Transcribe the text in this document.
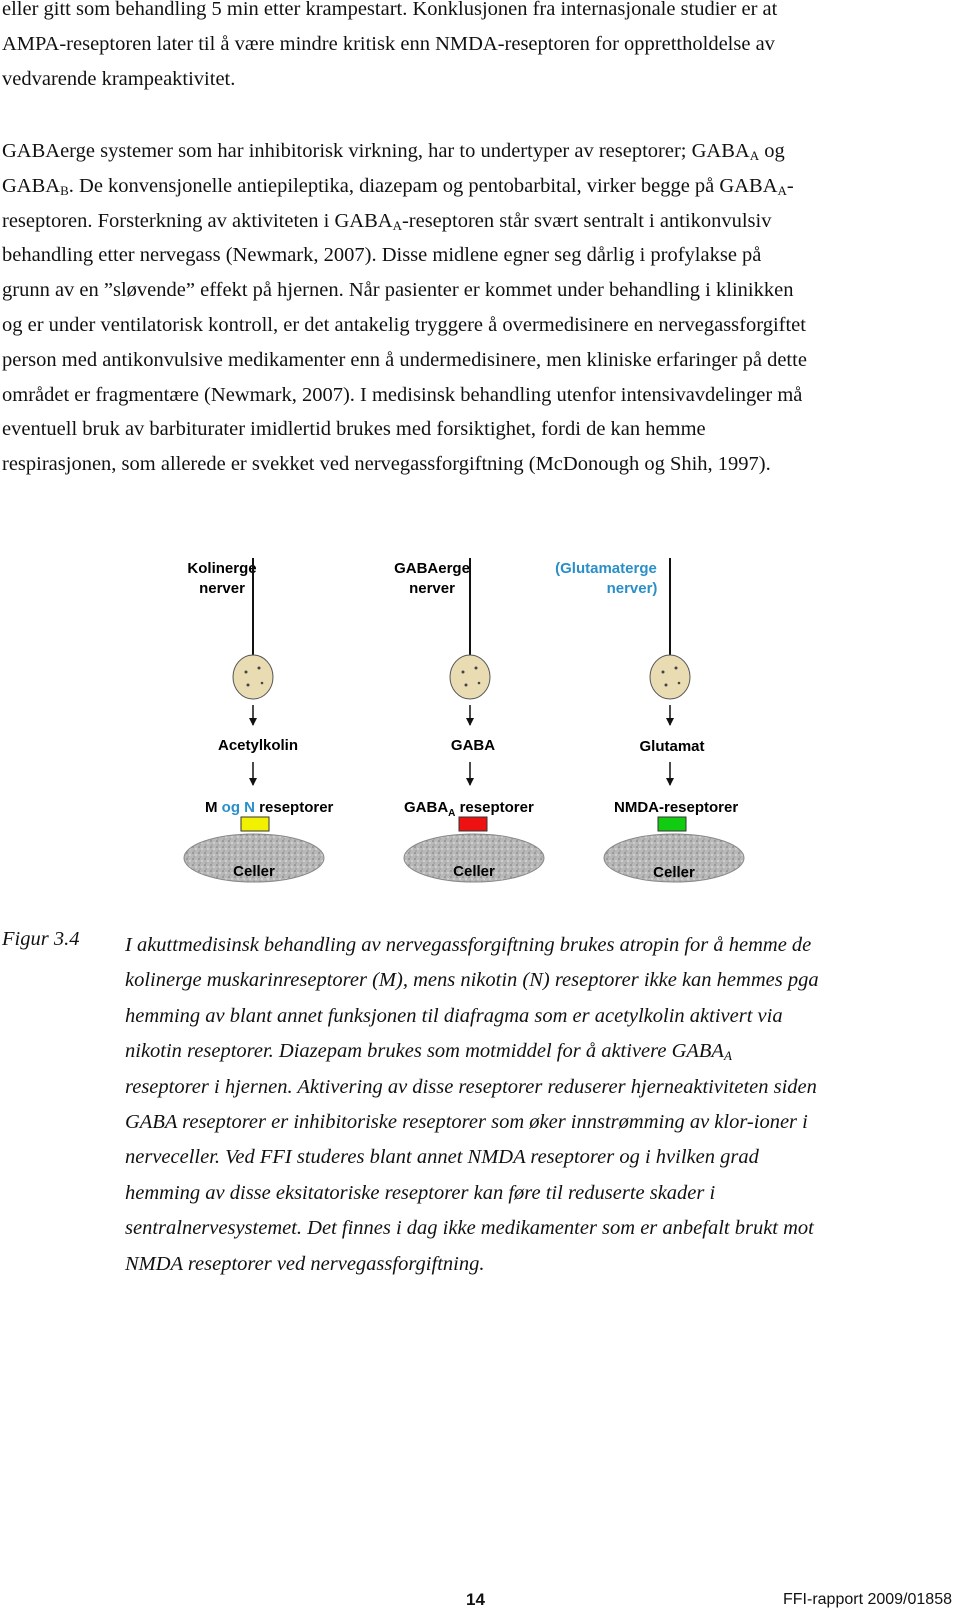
eller gitt som behandling 5 min etter krampestart. Konklusjonen fra internasjonale studier er at
AMPA-reseptoren later til å være mindre kritisk enn NMDA-reseptoren for opprettholdelse av
vedvarende krampeaktivitet.
GABAerge systemer som har inhibitorisk virkning, har to undertyper av reseptorer; $GABA_A$ og
$GABA_B$. De konvensjonelle antiepileptika, diazepam og pentobarbital, virker begge på $GABA_A-$
reseptoren. Forsterkning av aktiviteten i $GABA_A$-reseptoren står svært sentralt i antikonvulsiv
behandling etter nervegass (Newmark, 2007). Disse midlene egner seg dårlig i profylakse på
grunn av en ”sløvende” effekt på hjernen. Når pasienter er kommet under behandling i klinikken
og er under ventilatorisk kontroll, er det antakelig tryggere å overmedisinere en nervegassforgiftet
person med antikonvulsive medikamenter enn å undermedisinere, men kliniske erfaringer på dette
området er fragmentære (Newmark, 2007). I medisinsk behandling utenfor intensivavdelinger må
eventuell bruk av barbiturater imidlertid brukes med forsiktighet, fordi de kan hemme
respirasjonen, som allerede er svekket ved nervegassforgiftning (McDonough og Shih, 1997).
Kolinerge
nerver
Acetylkolin
M og N reseptorer
Celler
GABAerge
nerver
GABA
$GABA_A$ reseptorer
Celler
(Glutamaterge
nerver)
Glutamat
NMDA-reseptorer
Celler
Figur 3.4 I akuttmedisinsk behandling av nervegassforgiftning brukes atropin for å hemme de
kolinerge muskarinreseptorer (M), mens nikotin (N) reseptorer ikke kan hemmes pga
hemming av blant annet funksjonen til diafragma som er acetylkolin aktivert via
nikotin reseptorer. Diazepam brukes som motmiddel for å aktivere $GABA_A$
reseptorer i hjernen. Aktivering av disse reseptorer reduserer hjerneaktiviteten siden
GABA reseptorer er inhibitoriske reseptorer som øker innstrømming av klor-ioner i
nerveceller. Ved FFI studeres blant annet NMDA reseptorer og i hvilken grad
hemming av disse eksitatoriske reseptorer kan føre til reduserte skader i
sentralnervesystemet. Det finnes i dag ikke medikamenter som er anbefalt brukt mot
NMDA reseptorer ved nervegassforgiftning.
14	FFI-rapport 2009/01858
